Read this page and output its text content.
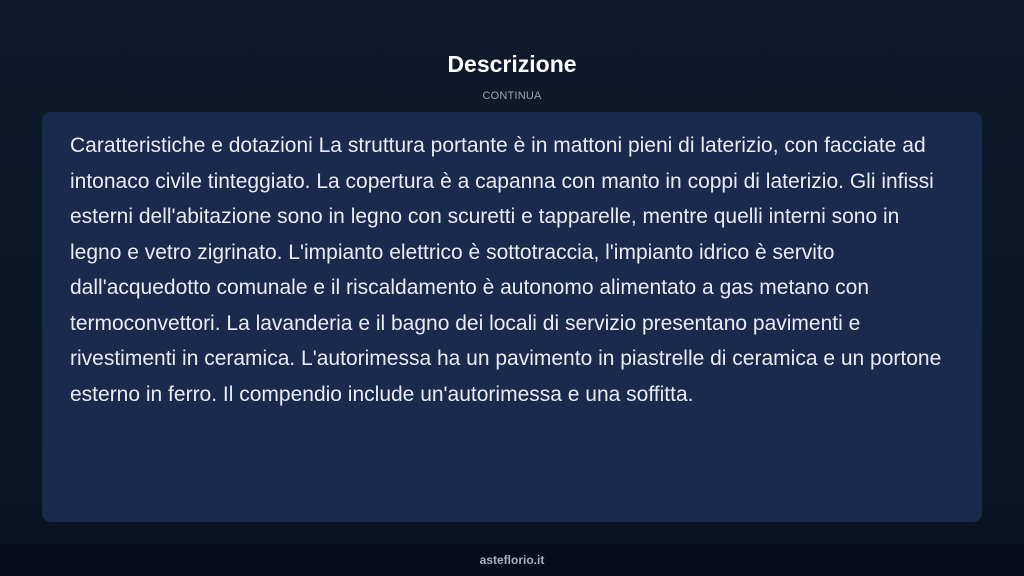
Descrizione
CONTINUA

Caratteristiche e dotazioni La struttura portante è in mattoni pieni di laterizio, con facciate ad intonaco civile tinteggiato. La copertura è a capanna con manto in coppi di laterizio. Gli infissi esterni dell'abitazione sono in legno con scuretti e tapparelle, mentre quelli interni sono in legno e vetro zigrinato. L'impianto elettrico è sottotraccia, l'impianto idrico è servito dall'acquedotto comunale e il riscaldamento è autonomo alimentato a gas metano con termoconvettori. La lavanderia e il bagno dei locali di servizio presentano pavimenti e rivestimenti in ceramica. L'autorimessa ha un pavimento in piastrelle di ceramica e un portone esterno in ferro. Il compendio include un'autorimessa e una soffitta.

asteflorio.it
